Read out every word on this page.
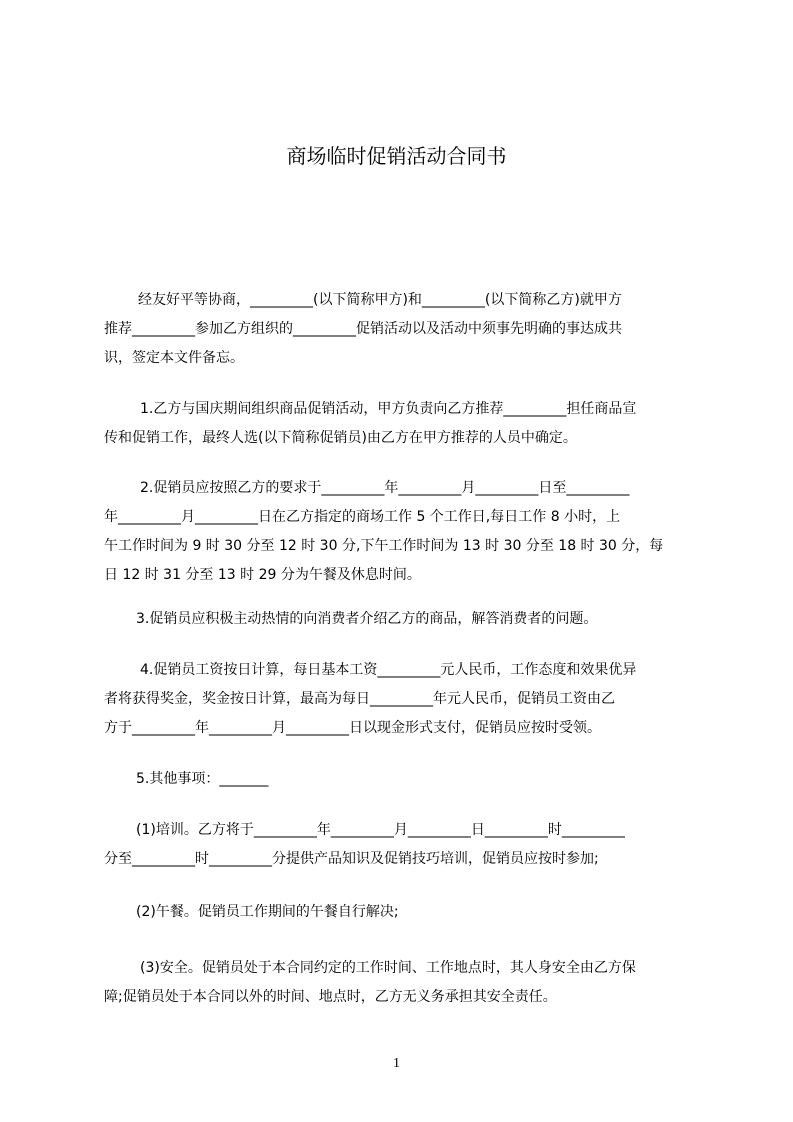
商场临时促销活动合同书
经友好平等协商，_________(以下简称甲方)和_________(以下简称乙方)就甲方
推荐_________参加乙方组织的_________促销活动以及活动中须事先明确的事达成共
识，签定本文件备忘。
1.乙方与国庆期间组织商品促销活动，甲方负责向乙方推荐_________担任商品宣
传和促销工作，最终人选(以下简称促销员)由乙方在甲方推荐的人员中确定。
2.促销员应按照乙方的要求于_________年_________月_________日至_________
年_________月_________日在乙方指定的商场工作 5 个工作日,每日工作 8 小时，上
午工作时间为 9 时 30 分至 12 时 30 分,下午工作时间为 13 时 30 分至 18 时 30 分，每
日 12 时 31 分至 13 时 29 分为午餐及休息时间。
3.促销员应积极主动热情的向消费者介绍乙方的商品，解答消费者的问题。
4.促销员工资按日计算，每日基本工资_________元人民币，工作态度和效果优异
者将获得奖金，奖金按日计算，最高为每日_________年元人民币，促销员工资由乙
方于_________年_________月_________日以现金形式支付，促销员应按时受领。
5.其他事项：_______
(1)培训。乙方将于_________年_________月_________日_________时_________
分至_________时_________分提供产品知识及促销技巧培训，促销员应按时参加;
(2)午餐。促销员工作期间的午餐自行解决;
(3)安全。促销员处于本合同约定的工作时间、工作地点时，其人身安全由乙方保
障;促销员处于本合同以外的时间、地点时，乙方无义务承担其安全责任。
1
